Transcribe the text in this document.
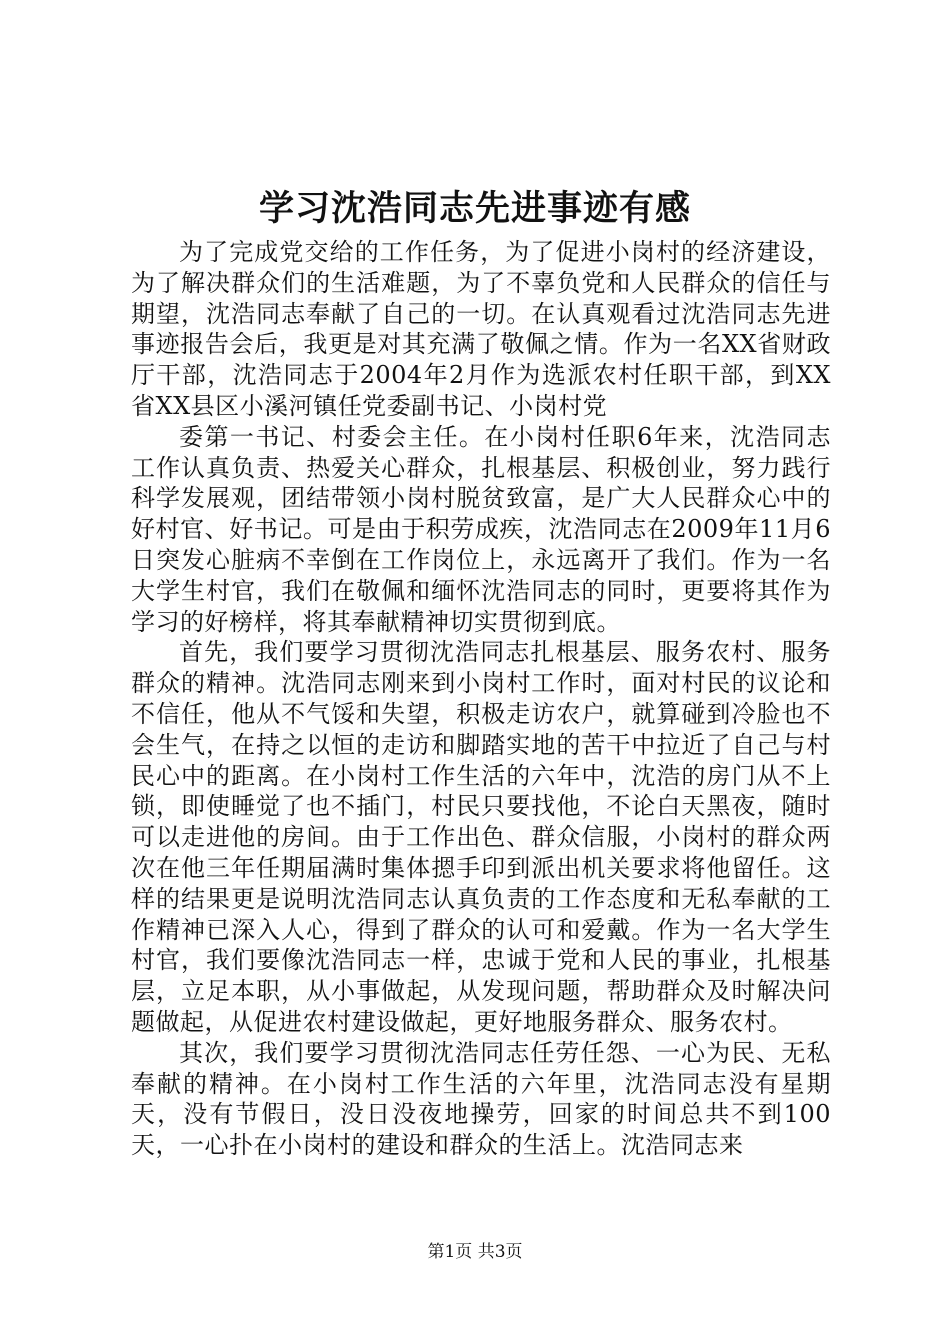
学习沈浩同志先进事迹有感

为了完成党交给的工作任务，为了促进小岗村的经济建设，为了解决群众们的生活难题，为了不辜负党和人民群众的信任与期望，沈浩同志奉献了自己的一切。在认真观看过沈浩同志先进事迹报告会后，我更是对其充满了敬佩之情。作为一名XX省财政厅干部，沈浩同志于2004年2月作为选派农村任职干部，到XX省XX县区小溪河镇任党委副书记、小岗村党

委第一书记、村委会主任。在小岗村任职6年来，沈浩同志工作认真负责、热爱关心群众，扎根基层、积极创业，努力践行科学发展观，团结带领小岗村脱贫致富，是广大人民群众心中的好村官、好书记。可是由于积劳成疾，沈浩同志在2009年11月6日突发心脏病不幸倒在工作岗位上，永远离开了我们。作为一名大学生村官，我们在敬佩和缅怀沈浩同志的同时，更要将其作为学习的好榜样，将其奉献精神切实贯彻到底。

首先，我们要学习贯彻沈浩同志扎根基层、服务农村、服务群众的精神。沈浩同志刚来到小岗村工作时，面对村民的议论和不信任，他从不气馁和失望，积极走访农户，就算碰到冷脸也不会生气，在持之以恒的走访和脚踏实地的苦干中拉近了自己与村民心中的距离。在小岗村工作生活的六年中，沈浩的房门从不上锁，即使睡觉了也不插门，村民只要找他，不论白天黑夜，随时可以走进他的房间。由于工作出色、群众信服，小岗村的群众两次在他三年任期届满时集体摁手印到派出机关要求将他留任。这样的结果更是说明沈浩同志认真负责的工作态度和无私奉献的工作精神已深入人心，得到了群众的认可和爱戴。作为一名大学生村官，我们要像沈浩同志一样，忠诚于党和人民的事业，扎根基层，立足本职，从小事做起，从发现问题，帮助群众及时解决问题做起，从促进农村建设做起，更好地服务群众、服务农村。

其次，我们要学习贯彻沈浩同志任劳任怨、一心为民、无私奉献的精神。在小岗村工作生活的六年里，沈浩同志没有星期天，没有节假日，没日没夜地操劳，回家的时间总共不到100天，一心扑在小岗村的建设和群众的生活上。沈浩同志来

第1页 共3页
